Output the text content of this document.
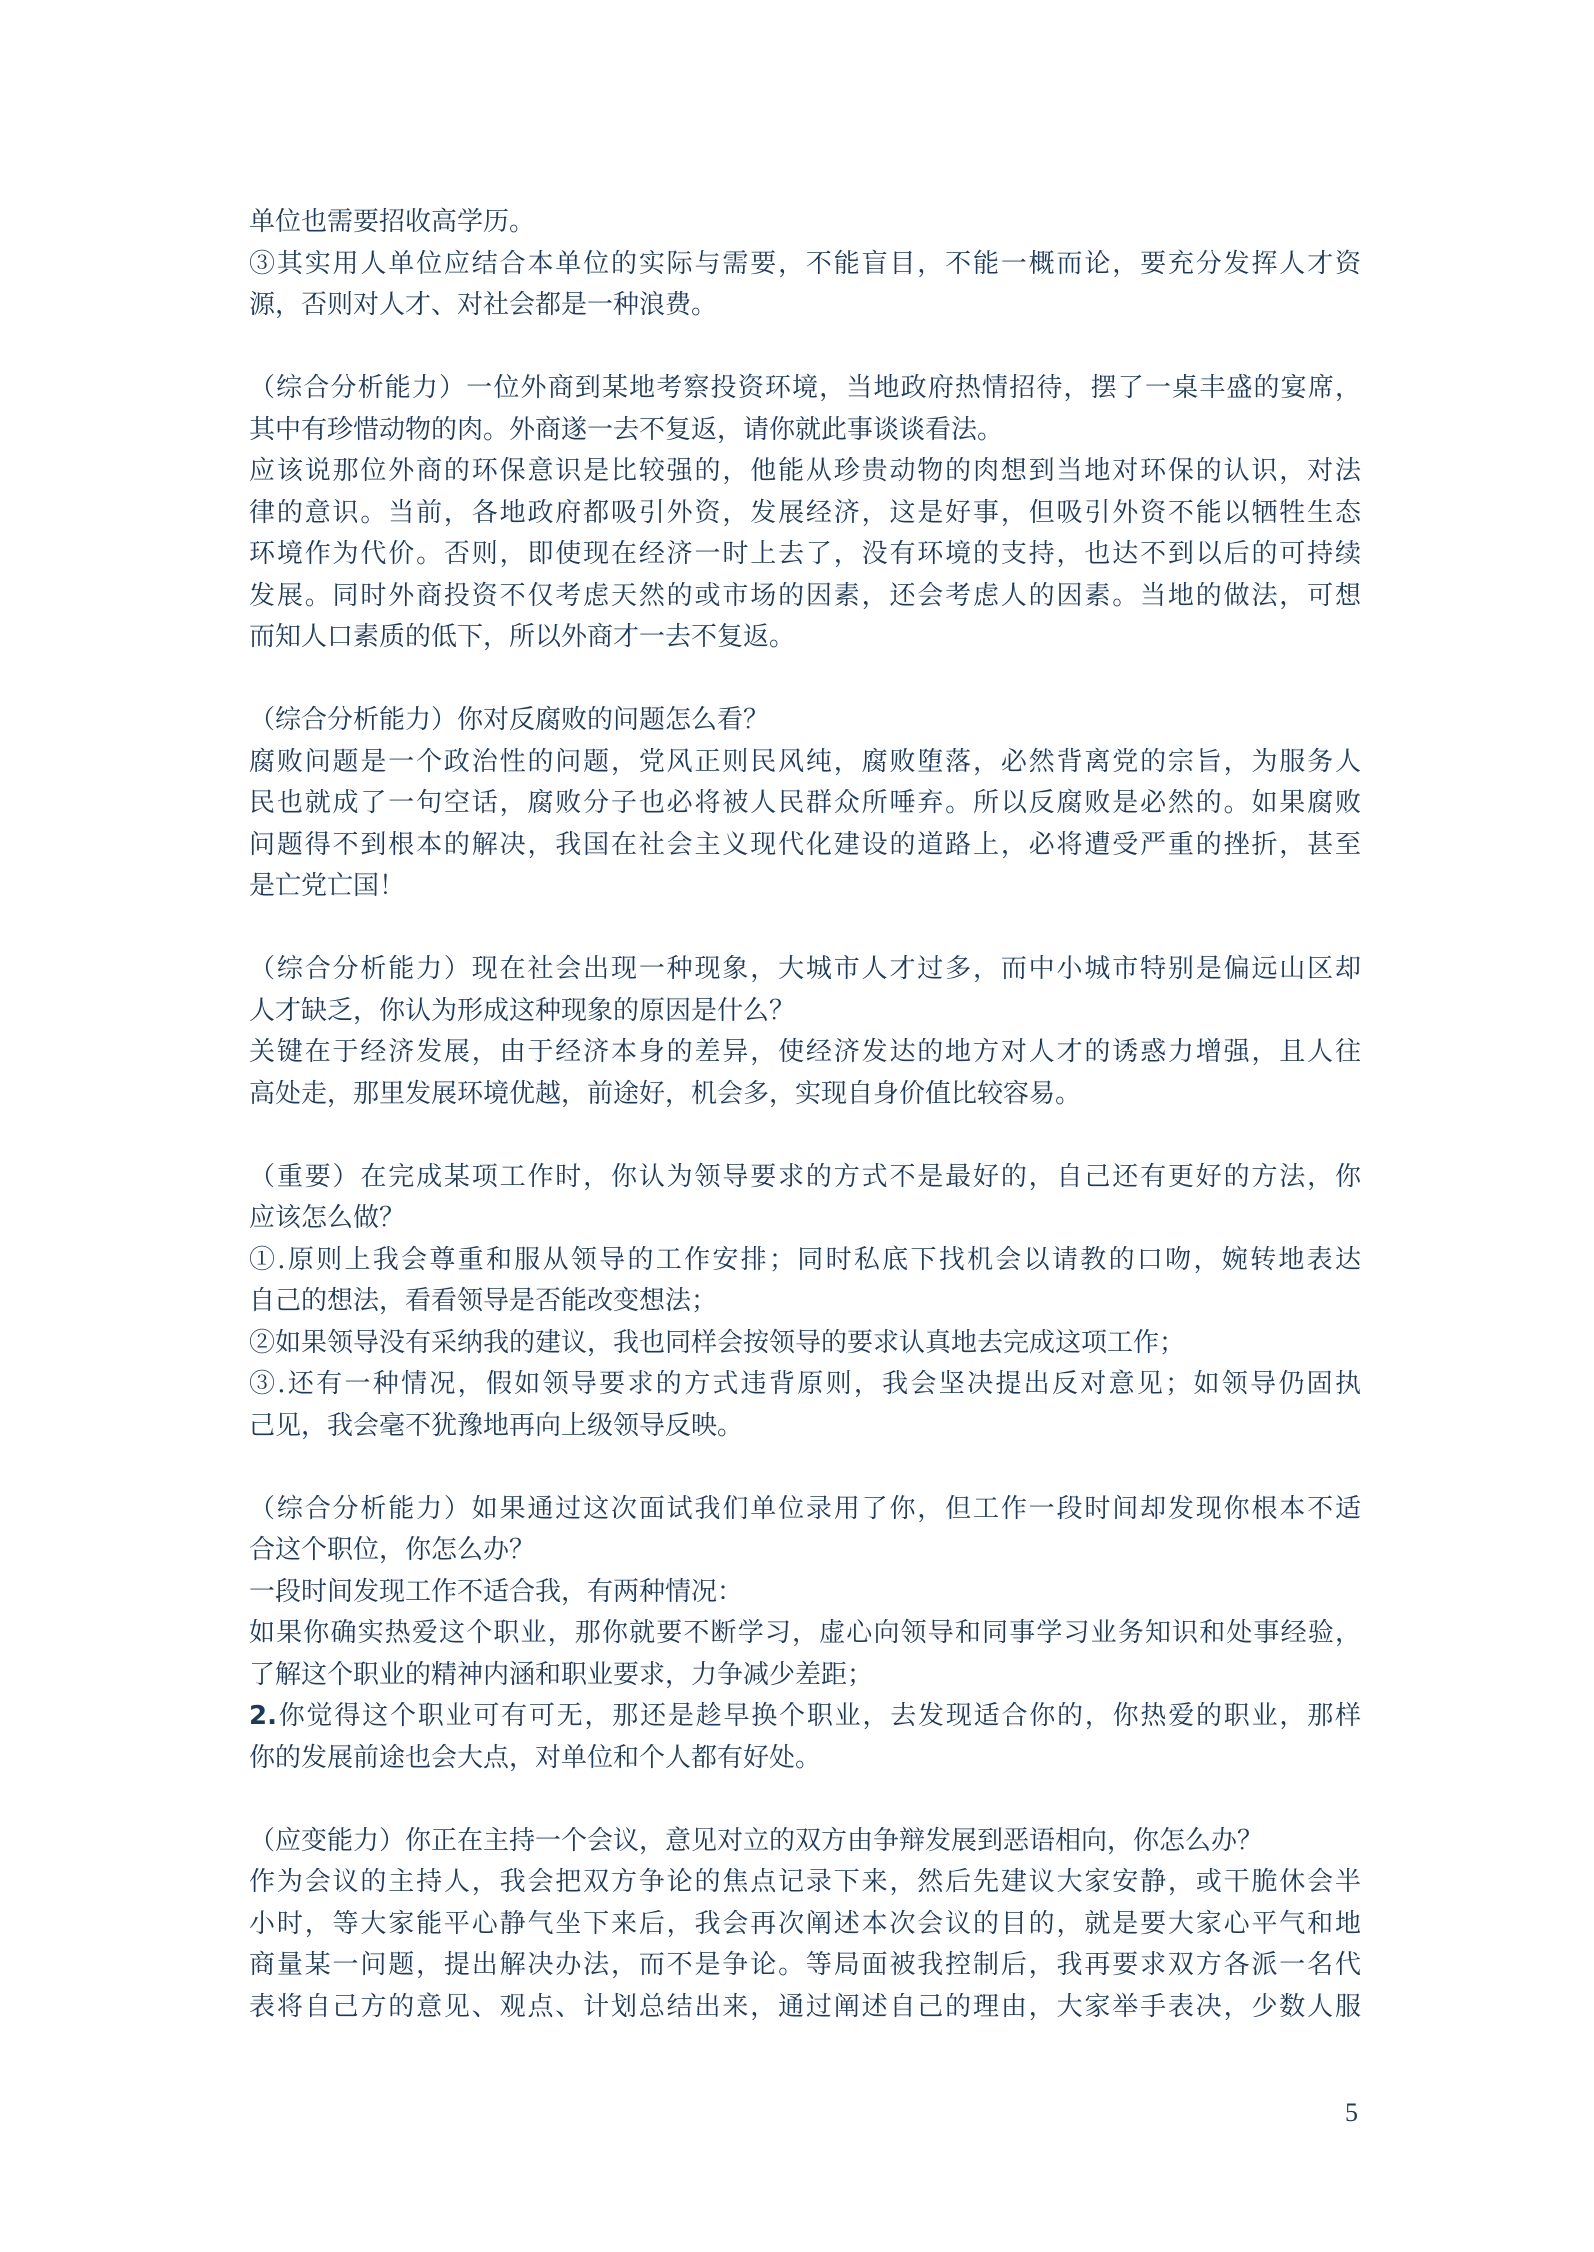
单位也需要招收高学历。
③其实用人单位应结合本单位的实际与需要，不能盲目，不能一概而论，要充分发挥人才资
源，否则对人才、对社会都是一种浪费。
（综合分析能力）一位外商到某地考察投资环境，当地政府热情招待，摆了一桌丰盛的宴席，
其中有珍惜动物的肉。外商遂一去不复返，请你就此事谈谈看法。
应该说那位外商的环保意识是比较强的，他能从珍贵动物的肉想到当地对环保的认识，对法
律的意识。当前，各地政府都吸引外资，发展经济，这是好事，但吸引外资不能以牺牲生态
环境作为代价。否则，即使现在经济一时上去了，没有环境的支持，也达不到以后的可持续
发展。同时外商投资不仅考虑天然的或市场的因素，还会考虑人的因素。当地的做法，可想
而知人口素质的低下，所以外商才一去不复返。
（综合分析能力）你对反腐败的问题怎么看？
腐败问题是一个政治性的问题，党风正则民风纯，腐败堕落，必然背离党的宗旨，为服务人
民也就成了一句空话，腐败分子也必将被人民群众所唾弃。所以反腐败是必然的。如果腐败
问题得不到根本的解决，我国在社会主义现代化建设的道路上，必将遭受严重的挫折，甚至
是亡党亡国！
（综合分析能力）现在社会出现一种现象，大城市人才过多，而中小城市特别是偏远山区却
人才缺乏，你认为形成这种现象的原因是什么？
关键在于经济发展，由于经济本身的差异，使经济发达的地方对人才的诱惑力增强，且人往
高处走，那里发展环境优越，前途好，机会多，实现自身价值比较容易。
（重要）在完成某项工作时，你认为领导要求的方式不是最好的，自己还有更好的方法，你
应该怎么做？
①.原则上我会尊重和服从领导的工作安排；同时私底下找机会以请教的口吻，婉转地表达
自己的想法，看看领导是否能改变想法；
②如果领导没有采纳我的建议，我也同样会按领导的要求认真地去完成这项工作；
③.还有一种情况，假如领导要求的方式违背原则，我会坚决提出反对意见；如领导仍固执
己见，我会毫不犹豫地再向上级领导反映。
（综合分析能力）如果通过这次面试我们单位录用了你，但工作一段时间却发现你根本不适
合这个职位，你怎么办？
一段时间发现工作不适合我，有两种情况：
如果你确实热爱这个职业，那你就要不断学习，虚心向领导和同事学习业务知识和处事经验，
了解这个职业的精神内涵和职业要求，力争减少差距；
2.你觉得这个职业可有可无，那还是趁早换个职业，去发现适合你的，你热爱的职业，那样
你的发展前途也会大点，对单位和个人都有好处。
（应变能力）你正在主持一个会议，意见对立的双方由争辩发展到恶语相向，你怎么办？
作为会议的主持人，我会把双方争论的焦点记录下来，然后先建议大家安静，或干脆休会半
小时，等大家能平心静气坐下来后，我会再次阐述本次会议的目的，就是要大家心平气和地
商量某一问题，提出解决办法，而不是争论。等局面被我控制后，我再要求双方各派一名代
表将自己方的意见、观点、计划总结出来，通过阐述自己的理由，大家举手表决，少数人服
5
